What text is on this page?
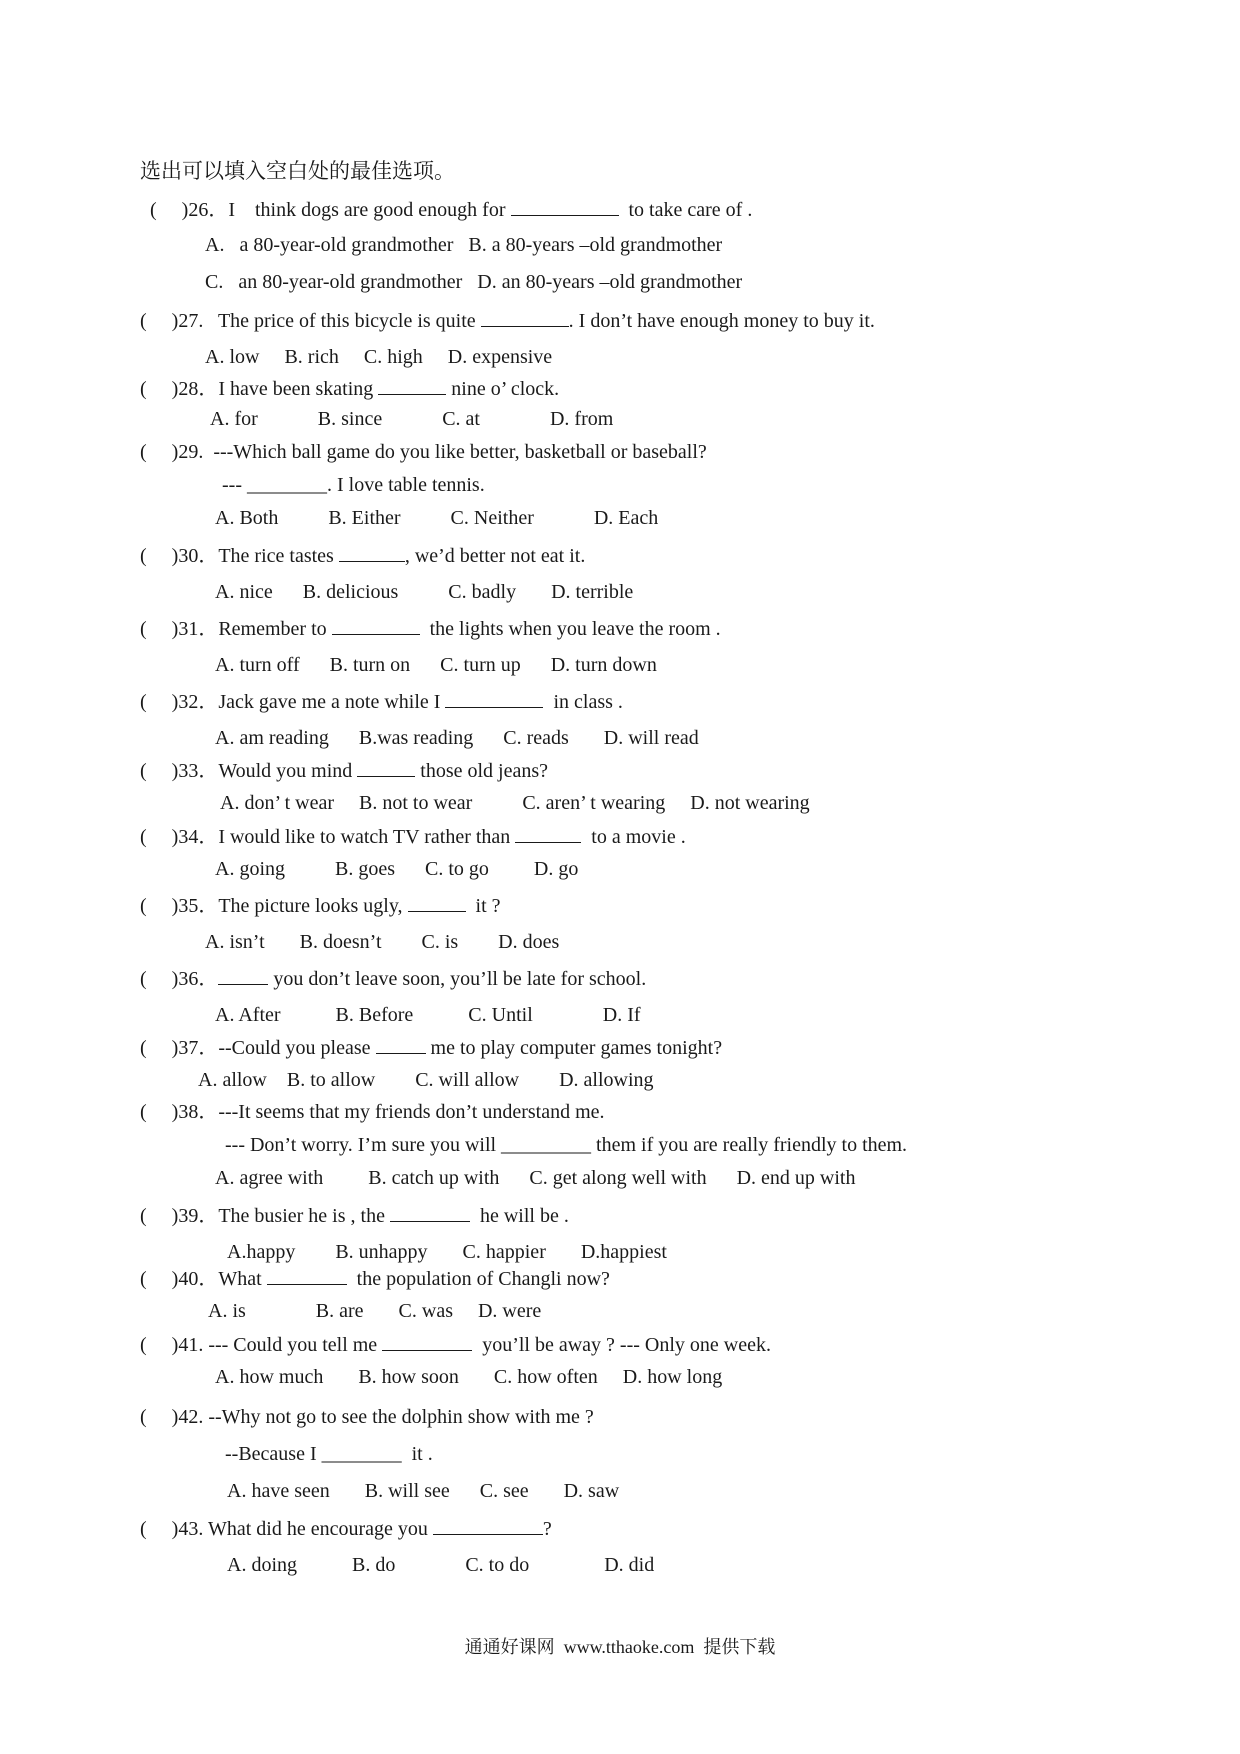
选出可以填入空白处的最佳选项。
(     )26．I    think dogs are good enough for	to take care of .
A.   a 80-year-old grandmother   B. a 80-years –old grandmother
C.   an 80-year-old grandmother   D. an 80-years –old grandmother
(     )27.   The price of this bicycle is quite	. I don’t have enough money to buy it.
A. low     B. rich     C. high     D. expensive
(     )28．I have been skating	nine o’ clock.
A. for            B. since            C. at              D. from
(     )29.  ---Which ball game do you like better, basketball or baseball?
--- ________. I love table tennis.
A. Both          B. Either          C. Neither            D. Each
(     )30．The rice tastes	, we’d better not eat it.
A. nice      B. delicious          C. badly       D. terrible
(     )31．Remember to	the lights when you leave the room .
A. turn off      B. turn on      C. turn up      D. turn down
(     )32．Jack gave me a note while I	in class .
A. am reading      B.was reading      C. reads       D. will read
(     )33．Would you mind	those old jeans?
A. don’ t wear     B. not to wear          C. aren’ t wearing     D. not wearing
(     )34．I would like to watch TV rather than	to a movie .
A. going          B. goes      C. to go         D. go
(     )35．The picture looks ugly,	it ?
A. isn’t       B. doesn’t        C. is        D. does
(     )36．	you don’t leave soon, you’ll be late for school.
A. After           B. Before           C. Until              D. If
(     )37．--Could you please	me to play computer games tonight?
A. allow    B. to allow        C. will allow        D. allowing
(     )38．---It seems that my friends don’t understand me.
--- Don’t worry. I’m sure you will _________ them if you are really friendly to them.
A. agree with         B. catch up with      C. get along well with      D. end up with
(     )39．The busier he is , the	he will be .
A.happy        B. unhappy       C. happier       D.happiest
(     )40．What	the population of Changli now?
A. is              B. are       C. was     D. were
(     )41. --- Could you tell me	you’ll be away ? --- Only one week.
A. how much       B. how soon       C. how often     D. how long
(     )42. --Why not go to see the dolphin show with me ?
--Because I ________  it .
A. have seen       B. will see      C. see       D. saw
(     )43. What did he encourage you	?
A. doing           B. do              C. to do               D. did
通通好课网  www.tthaoke.com  提供下载
